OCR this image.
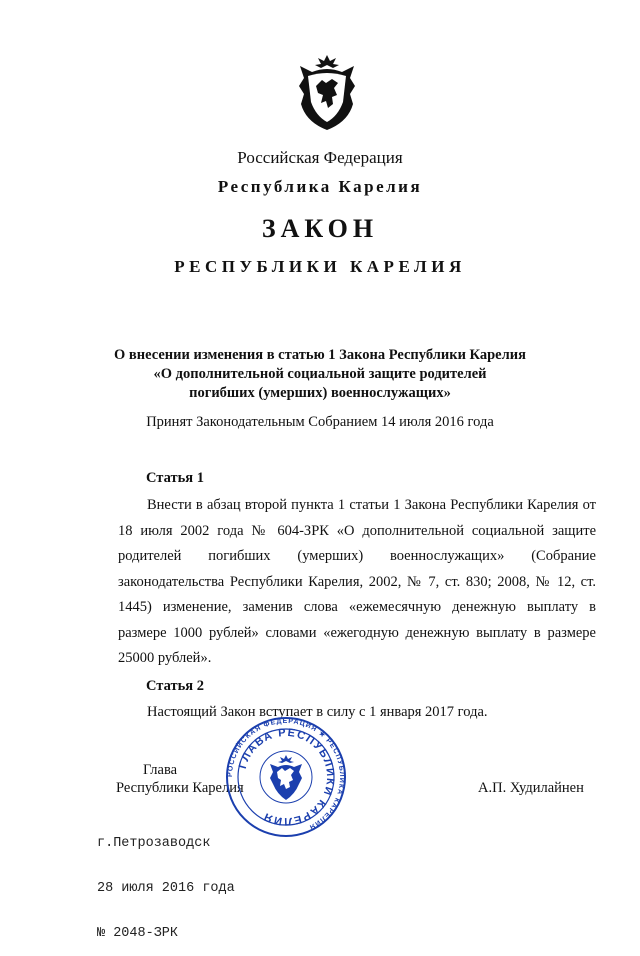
Российская Федерация
Республика Карелия
ЗАКОН
РЕСПУБЛИКИ КАРЕЛИЯ
О внесении изменения в статью 1 Закона Республики Карелия
«О дополнительной социальной защите родителей
погибших (умерших) военнослужащих»
Принят Законодательным Собранием 14 июля 2016 года
Статья 1

Внести в абзац второй пункта 1 статьи 1 Закона Республики Карелия от 18 июля 2002 года № 604-ЗРК «О дополнительной социальной защите родителей погибших (умерших) военнослужащих» (Собрание законодательства Республики Карелия, 2002, № 7, ст. 830; 2008, № 12, ст. 1445) изменение, заменив слова «ежемесячную денежную выплату в размере 1000 рублей» словами «ежегодную денежную выплату в размере 25000 рублей».

Статья 2

Настоящий Закон вступает в силу с 1 января 2017 года.

Глава
Республики Карелия	А.П. Худилайнен

г.Петрозаводск

28 июля 2016 года

№ 2048-ЗРК

РОССИЙСКАЯ ФЕДЕРАЦИЯ ★ РЕСПУБЛИКА КАРЕЛИЯ
ГЛАВА РЕСПУБЛИКИ КАРЕЛИЯ
